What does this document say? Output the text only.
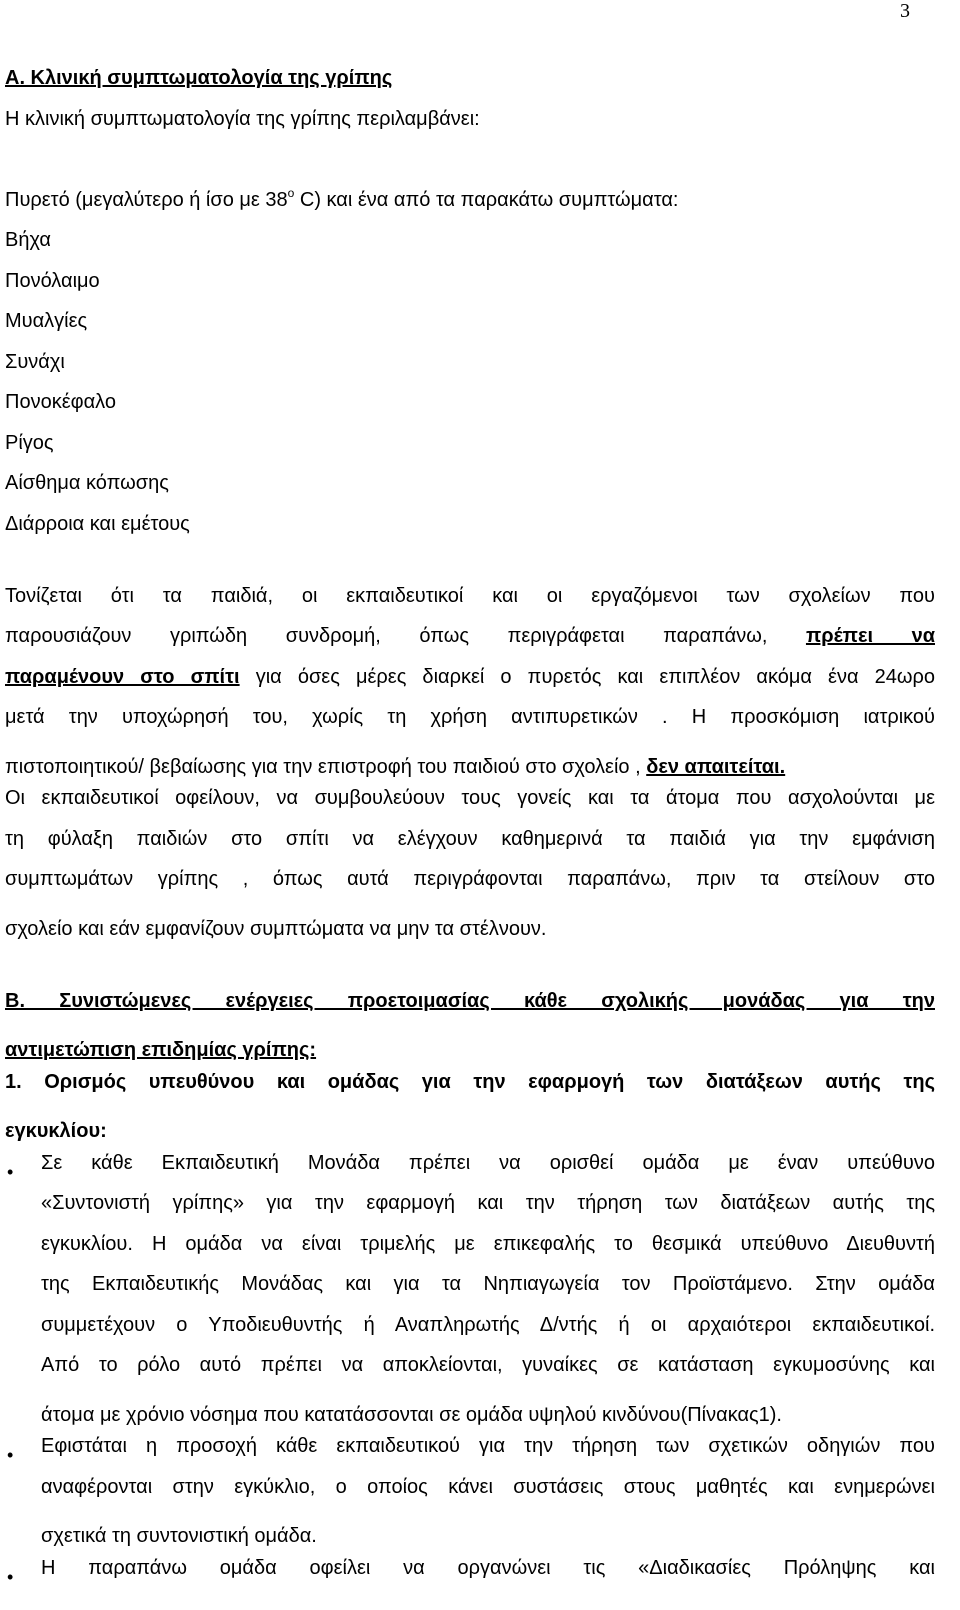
3
Α. Κλινική συμπτωματολογία της γρίπης
Η κλινική συμπτωματολογία της γρίπης περιλαμβάνει:
Πυρετό (μεγαλύτερο ή ίσο με $38^o$ C) και ένα από τα παρακάτω συμπτώματα:
Βήχα
Πονόλαιμο
Μυαλγίες
Συνάχι
Πονοκέφαλο
Ρίγος
Αίσθημα κόπωσης
Διάρροια και εμέτους
Τονίζεται ότι τα παιδιά, οι εκπαιδευτικοί και οι εργαζόμενοι των σχολείων που
παρουσιάζουν γριπώδη συνδρομή, όπως περιγράφεται παραπάνω, πρέπει να
παραμένουν στο σπίτι για όσες μέρες διαρκεί ο πυρετός και επιπλέον ακόμα ένα 24ωρο
μετά την υποχώρησή του, χωρίς τη χρήση αντιπυρετικών . Η προσκόμιση ιατρικού
πιστοποιητικού/ βεβαίωσης για την επιστροφή του παιδιού στο σχολείο , δεν απαιτείται.
Οι εκπαιδευτικοί οφείλουν, να συμβουλεύουν τους γονείς και τα άτομα που ασχολούνται με
τη φύλαξη παιδιών στο σπίτι να ελέγχουν καθημερινά τα παιδιά για την εμφάνιση
συμπτωμάτων γρίπης , όπως αυτά περιγράφονται παραπάνω, πριν τα στείλουν στο
σχολείο και εάν εμφανίζουν συμπτώματα να μην τα στέλνουν.
Β. Συνιστώμενες ενέργειες προετοιμασίας κάθε σχολικής μονάδας για την
αντιμετώπιση επιδημίας γρίπης:
1. Ορισμός υπευθύνου και ομάδας για την εφαρμογή των διατάξεων αυτής της
εγκυκλίου:
•	Σε κάθε Εκπαιδευτική Μονάδα πρέπει να ορισθεί ομάδα με έναν υπεύθυνο
«Συντονιστή γρίπης» για την εφαρμογή και την τήρηση των διατάξεων αυτής της
εγκυκλίου. Η ομάδα να είναι τριμελής με επικεφαλής το θεσμικά υπεύθυνο Διευθυντή
της Εκπαιδευτικής Μονάδας και για τα Νηπιαγωγεία τον Προϊστάμενο. Στην ομάδα
συμμετέχουν ο Υποδιευθυντής ή Αναπληρωτής Δ/ντής ή οι αρχαιότεροι εκπαιδευτικοί.
Από το ρόλο αυτό πρέπει να αποκλείονται, γυναίκες σε κατάσταση εγκυμοσύνης και
άτομα με χρόνιο νόσημα που κατατάσσονται σε ομάδα υψηλού κινδύνου(Πίνακας1).
•	Εφιστάται η προσοχή κάθε εκπαιδευτικού για την τήρηση των σχετικών οδηγιών που
αναφέρονται στην εγκύκλιο, ο οποίος κάνει συστάσεις στους μαθητές και ενημερώνει
σχετικά τη συντονιστική ομάδα.
•	Η παραπάνω ομάδα οφείλει να οργανώνει τις «Διαδικασίες Πρόληψης και
